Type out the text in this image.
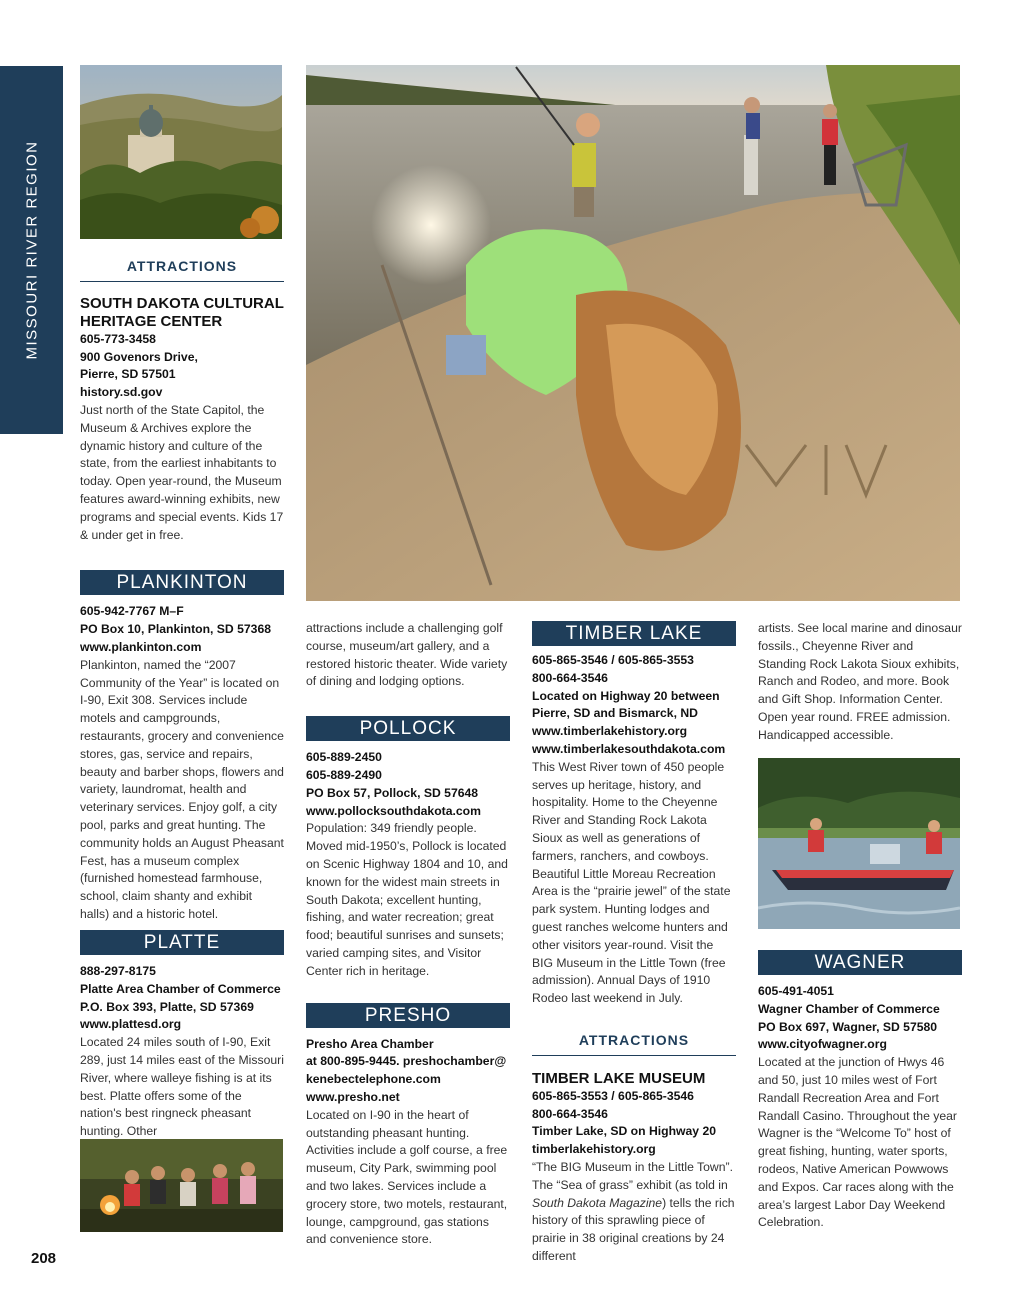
MISSOURI RIVER REGION	ATTRACTIONS
SOUTH DAKOTA CULTURAL
HERITAGE CENTER
605-773-3458
900 Govenors Drive,
Pierre, SD 57501
history.sd.gov

Just north of the State Capitol, the Museum & Archives explore the dynamic history and culture of the state, from the earliest inhabitants to today. Open year-round, the Museum features award-winning exhibits, new programs and special events. Kids 17 & under get in free.

PLANKINTON
605-942-7767 M–F
PO Box 10, Plankinton, SD 57368
www.plankinton.com

Plankinton, named the “2007 Community of the Year” is located on I-90, Exit 308. Services include motels and campgrounds, restaurants, grocery and convenience stores, gas, service and repairs, beauty and barber shops, flowers and variety, laundromat, health and veterinary services. Enjoy golf, a city pool, parks and great hunting. The community holds an August Pheasant Fest, has a museum complex (furnished homestead farmhouse, school, claim shanty and exhibit halls) and a historic hotel.

PLATTE
888-297-8175
Platte Area Chamber of Commerce
P.O. Box 393, Platte, SD 57369
www.plattesd.org

Located 24 miles south of I-90, Exit 289, just 14 miles east of the Missouri River, where walleye fishing is at its best. Platte offers some of the nation's best ringneck pheasant hunting. Other

attractions include a challenging golf course, museum/art gallery, and a restored historic theater. Wide variety of dining and lodging options.

POLLOCK
605-889-2450
605-889-2490
PO Box 57, Pollock, SD 57648
www.pollocksouthdakota.com

Population: 349 friendly people. Moved mid-1950’s, Pollock is located on Scenic Highway 1804 and 10, and known for the widest main streets in South Dakota; excellent hunting, fishing, and water recreation; great food; beautiful sunrises and sunsets; varied camping sites, and Visitor Center rich in heritage.

PRESHO
Presho Area Chamber
at 800-895-9445. preshochamber@
kenebectelephone.com
www.presho.net

Located on I-90 in the heart of outstanding pheasant hunting. Activities include a golf course, a free museum, City Park, swimming pool and two lakes. Services include a grocery store, two motels, restaurant, lounge, campground, gas stations and convenience store.

TIMBER LAKE
605-865-3546 / 605-865-3553
800-664-3546
Located on Highway 20 between
Pierre, SD and Bismarck, ND
www.timberlakehistory.org
www.timberlakesouthdakota.com

This West River town of 450 people serves up heritage, history, and hospitality. Home to the Cheyenne River and Standing Rock Lakota Sioux as well as generations of farmers, ranchers, and cowboys. Beautiful Little Moreau Recreation Area is the “prairie jewel” of the state park system. Hunting lodges and guest ranches welcome hunters and other visitors year-round. Visit the BIG Museum in the Little Town (free admission). Annual Days of 1910 Rodeo last weekend in July.

ATTRACTIONS
TIMBER LAKE MUSEUM
605-865-3553 / 605-865-3546
800-664-3546
Timber Lake, SD on Highway 20
timberlakehistory.org

“The BIG Museum in the Little Town”. The “Sea of grass” exhibit (as told in South Dakota Magazine) tells the rich history of this sprawling piece of prairie in 38 original creations by 24 different

artists. See local marine and dinosaur fossils., Cheyenne River and Standing Rock Lakota Sioux exhibits, Ranch and Rodeo, and more. Book and Gift Shop. Information Center. Open year round. FREE admission. Handicapped accessible.

WAGNER
605-491-4051
Wagner Chamber of Commerce
PO Box 697, Wagner, SD 57580
www.cityofwagner.org

Located at the junction of Hwys 46 and 50, just 10 miles west of Fort Randall Recreation Area and Fort Randall Casino. Throughout the year Wagner is the “Welcome To” host of great fishing, hunting, water sports, rodeos, Native American Powwows and Expos. Car races along with the area’s largest Labor Day Weekend Celebration.

208
